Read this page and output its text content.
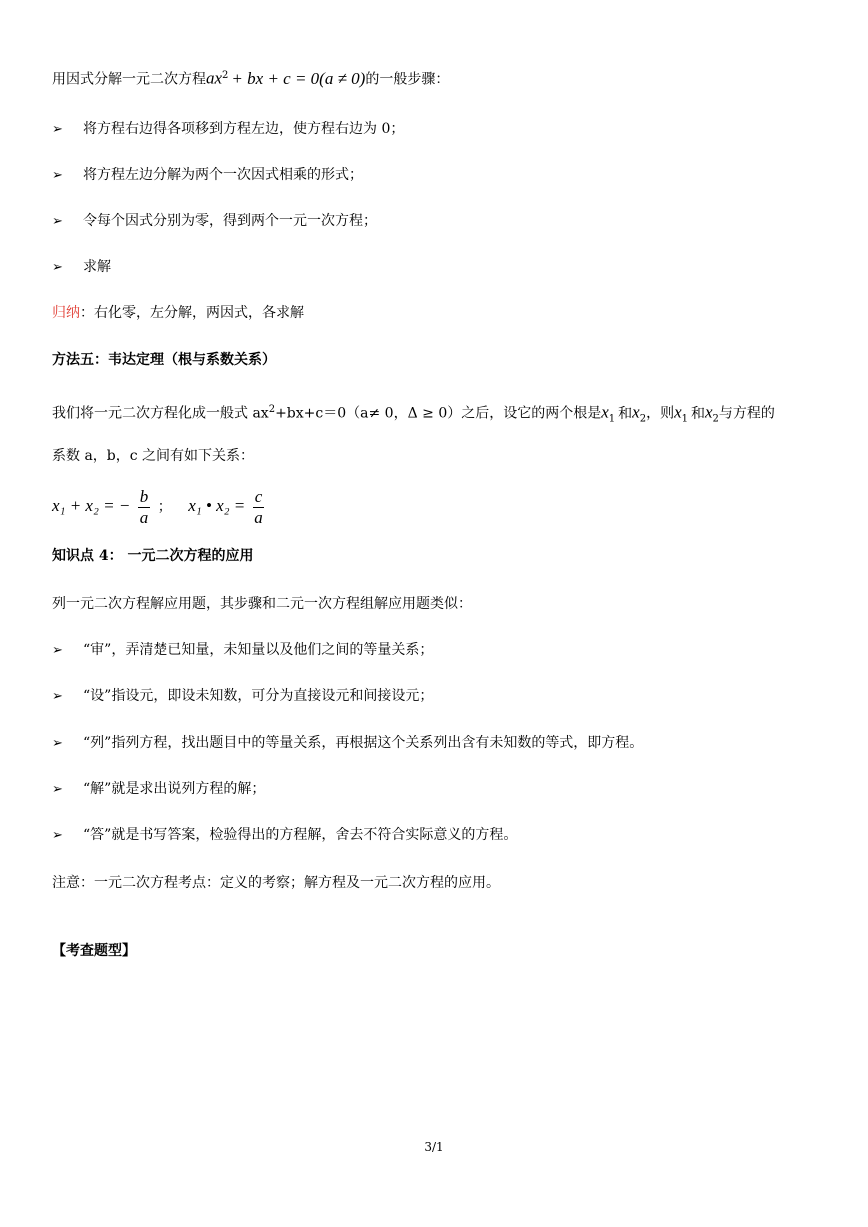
用因式分解一元二次方程$ax^2$ + bx + c = 0(a ≠ 0)的一般步骤：
➢ 将方程右边得各项移到方程左边，使方程右边为 0；
➢ 将方程左边分解为两个一次因式相乘的形式；
➢ 令每个因式分别为零，得到两个一元一次方程；
➢ 求解
归纳：右化零，左分解，两因式，各求解
方法五：韦达定理（根与系数关系）
我们将一元二次方程化成一般式 $ax^2+bx+c=0(a\ne 0$，Δ ≥ 0）之后，设它的两个根是$x_1$ 和$x_2$，则$x_1$ 和$x_2$与方程的
系数 a，b，c 之间有如下关系：
x₁ + x₂ = − $\frac{b}{a}$ ； x₁ • $x_2 = \frac{c}{a}$
知识点 4： 一元二次方程的应用
列一元二次方程解应用题，其步骤和二元一次方程组解应用题类似：
➢ “审”，弄清楚已知量，未知量以及他们之间的等量关系；
➢ “设”指设元，即设未知数，可分为直接设元和间接设元；
➢ “列”指列方程，找出题目中的等量关系，再根据这个关系列出含有未知数的等式，即方程。
➢ “解”就是求出说列方程的解；
➢ “答”就是书写答案，检验得出的方程解，舍去不符合实际意义的方程。
注意：一元二次方程考点：定义的考察；解方程及一元二次方程的应用。
【考查题型】
3/1
